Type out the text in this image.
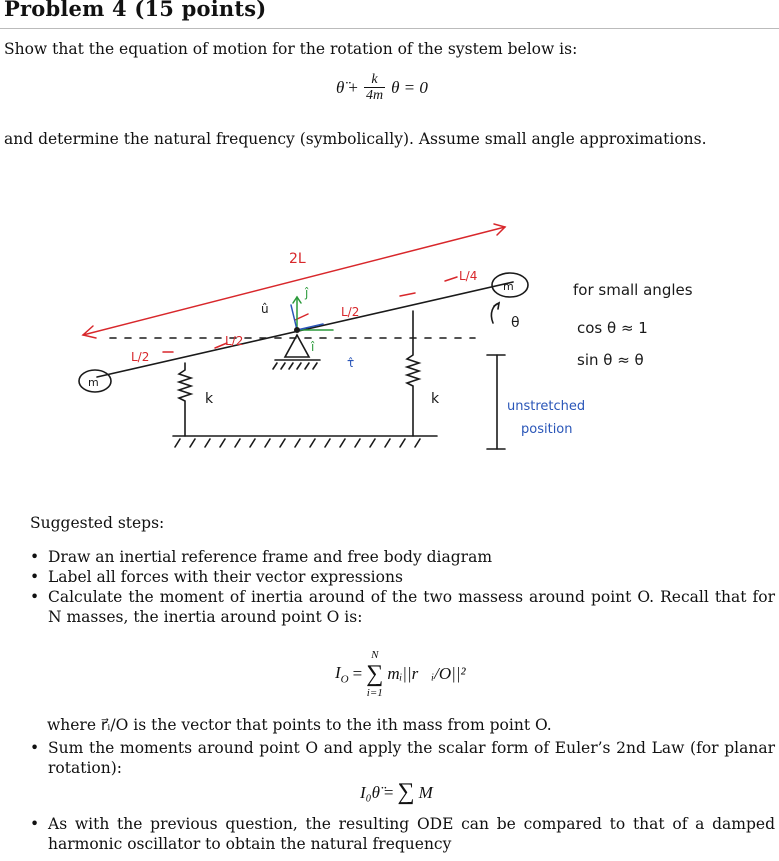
Problem 4 (15 points)
Show that the equation of motion for the rotation of the system below is:
θ̈ + $\frac{k}{4m}$ θ = 0
and determine the natural frequency (symbolically). Assume small angle approximations.
2L
m
m
L/2
L/2
L/2
L/4
k	k
θ
î
ĵ
û
τ̂
for small angles
cos θ ≈ 1
sin θ ≈ θ
unstretched
position
Suggested steps:
• Draw an inertial reference frame and free body diagram
• Label all forces with their vector expressions
• Calculate the moment of inertia around of the two massess around point O. Recall that for N masses, the inertia around point O is:
$I_O$ =
N
∑
i=1
mᵢ||r⃗ᵢ/O||²
where r⃗ᵢ/O is the vector that points to the ith mass from point O.
• Sum the moments around point O and apply the scalar form of Euler’s 2nd Law (for planar rotation):
I₀θ̈ = ∑ M
• As with the previous question, the resulting ODE can be compared to that of a damped harmonic oscillator to obtain the natural frequency
